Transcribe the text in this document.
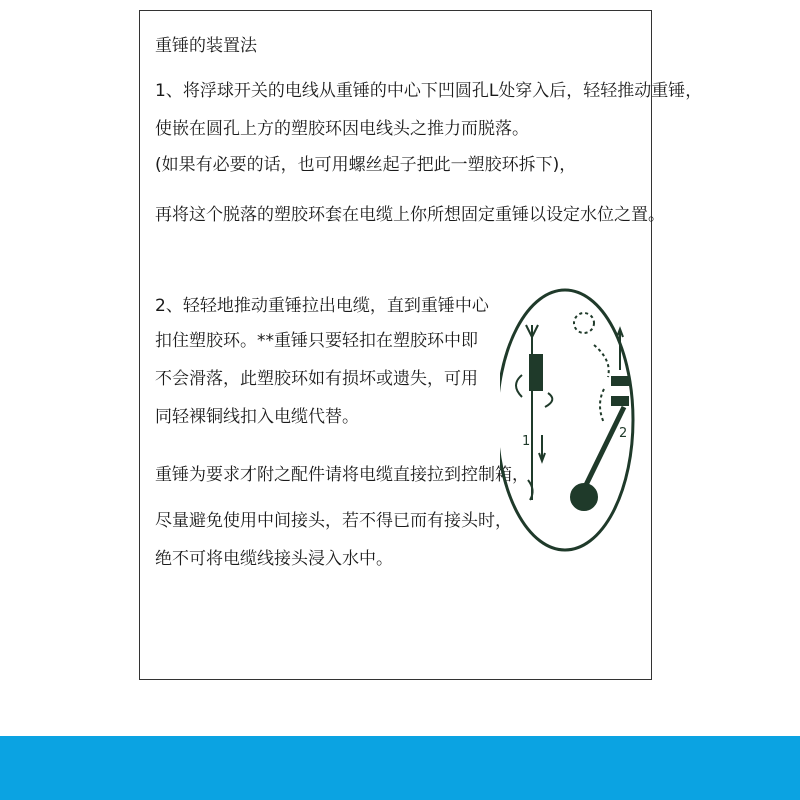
重锤的装置法
1、将浮球开关的电线从重锤的中心下凹圆孔L处穿入后，轻轻推动重锤，
使嵌在圆孔上方的塑胶环因电线头之推力而脱落。
(如果有必要的话，也可用螺丝起子把此一塑胶环拆下)，
再将这个脱落的塑胶环套在电缆上你所想固定重锤以设定水位之置。
2、轻轻地推动重锤拉出电缆，直到重锤中心
扣住塑胶环。**重锤只要轻扣在塑胶环中即
不会滑落，此塑胶环如有损坏或遗失，可用
同轻裸铜线扣入电缆代替。
重锤为要求才附之配件请将电缆直接拉到控制箱，
尽量避免使用中间接头，若不得已而有接头时，
绝不可将电缆线接头浸入水中。
1
2
